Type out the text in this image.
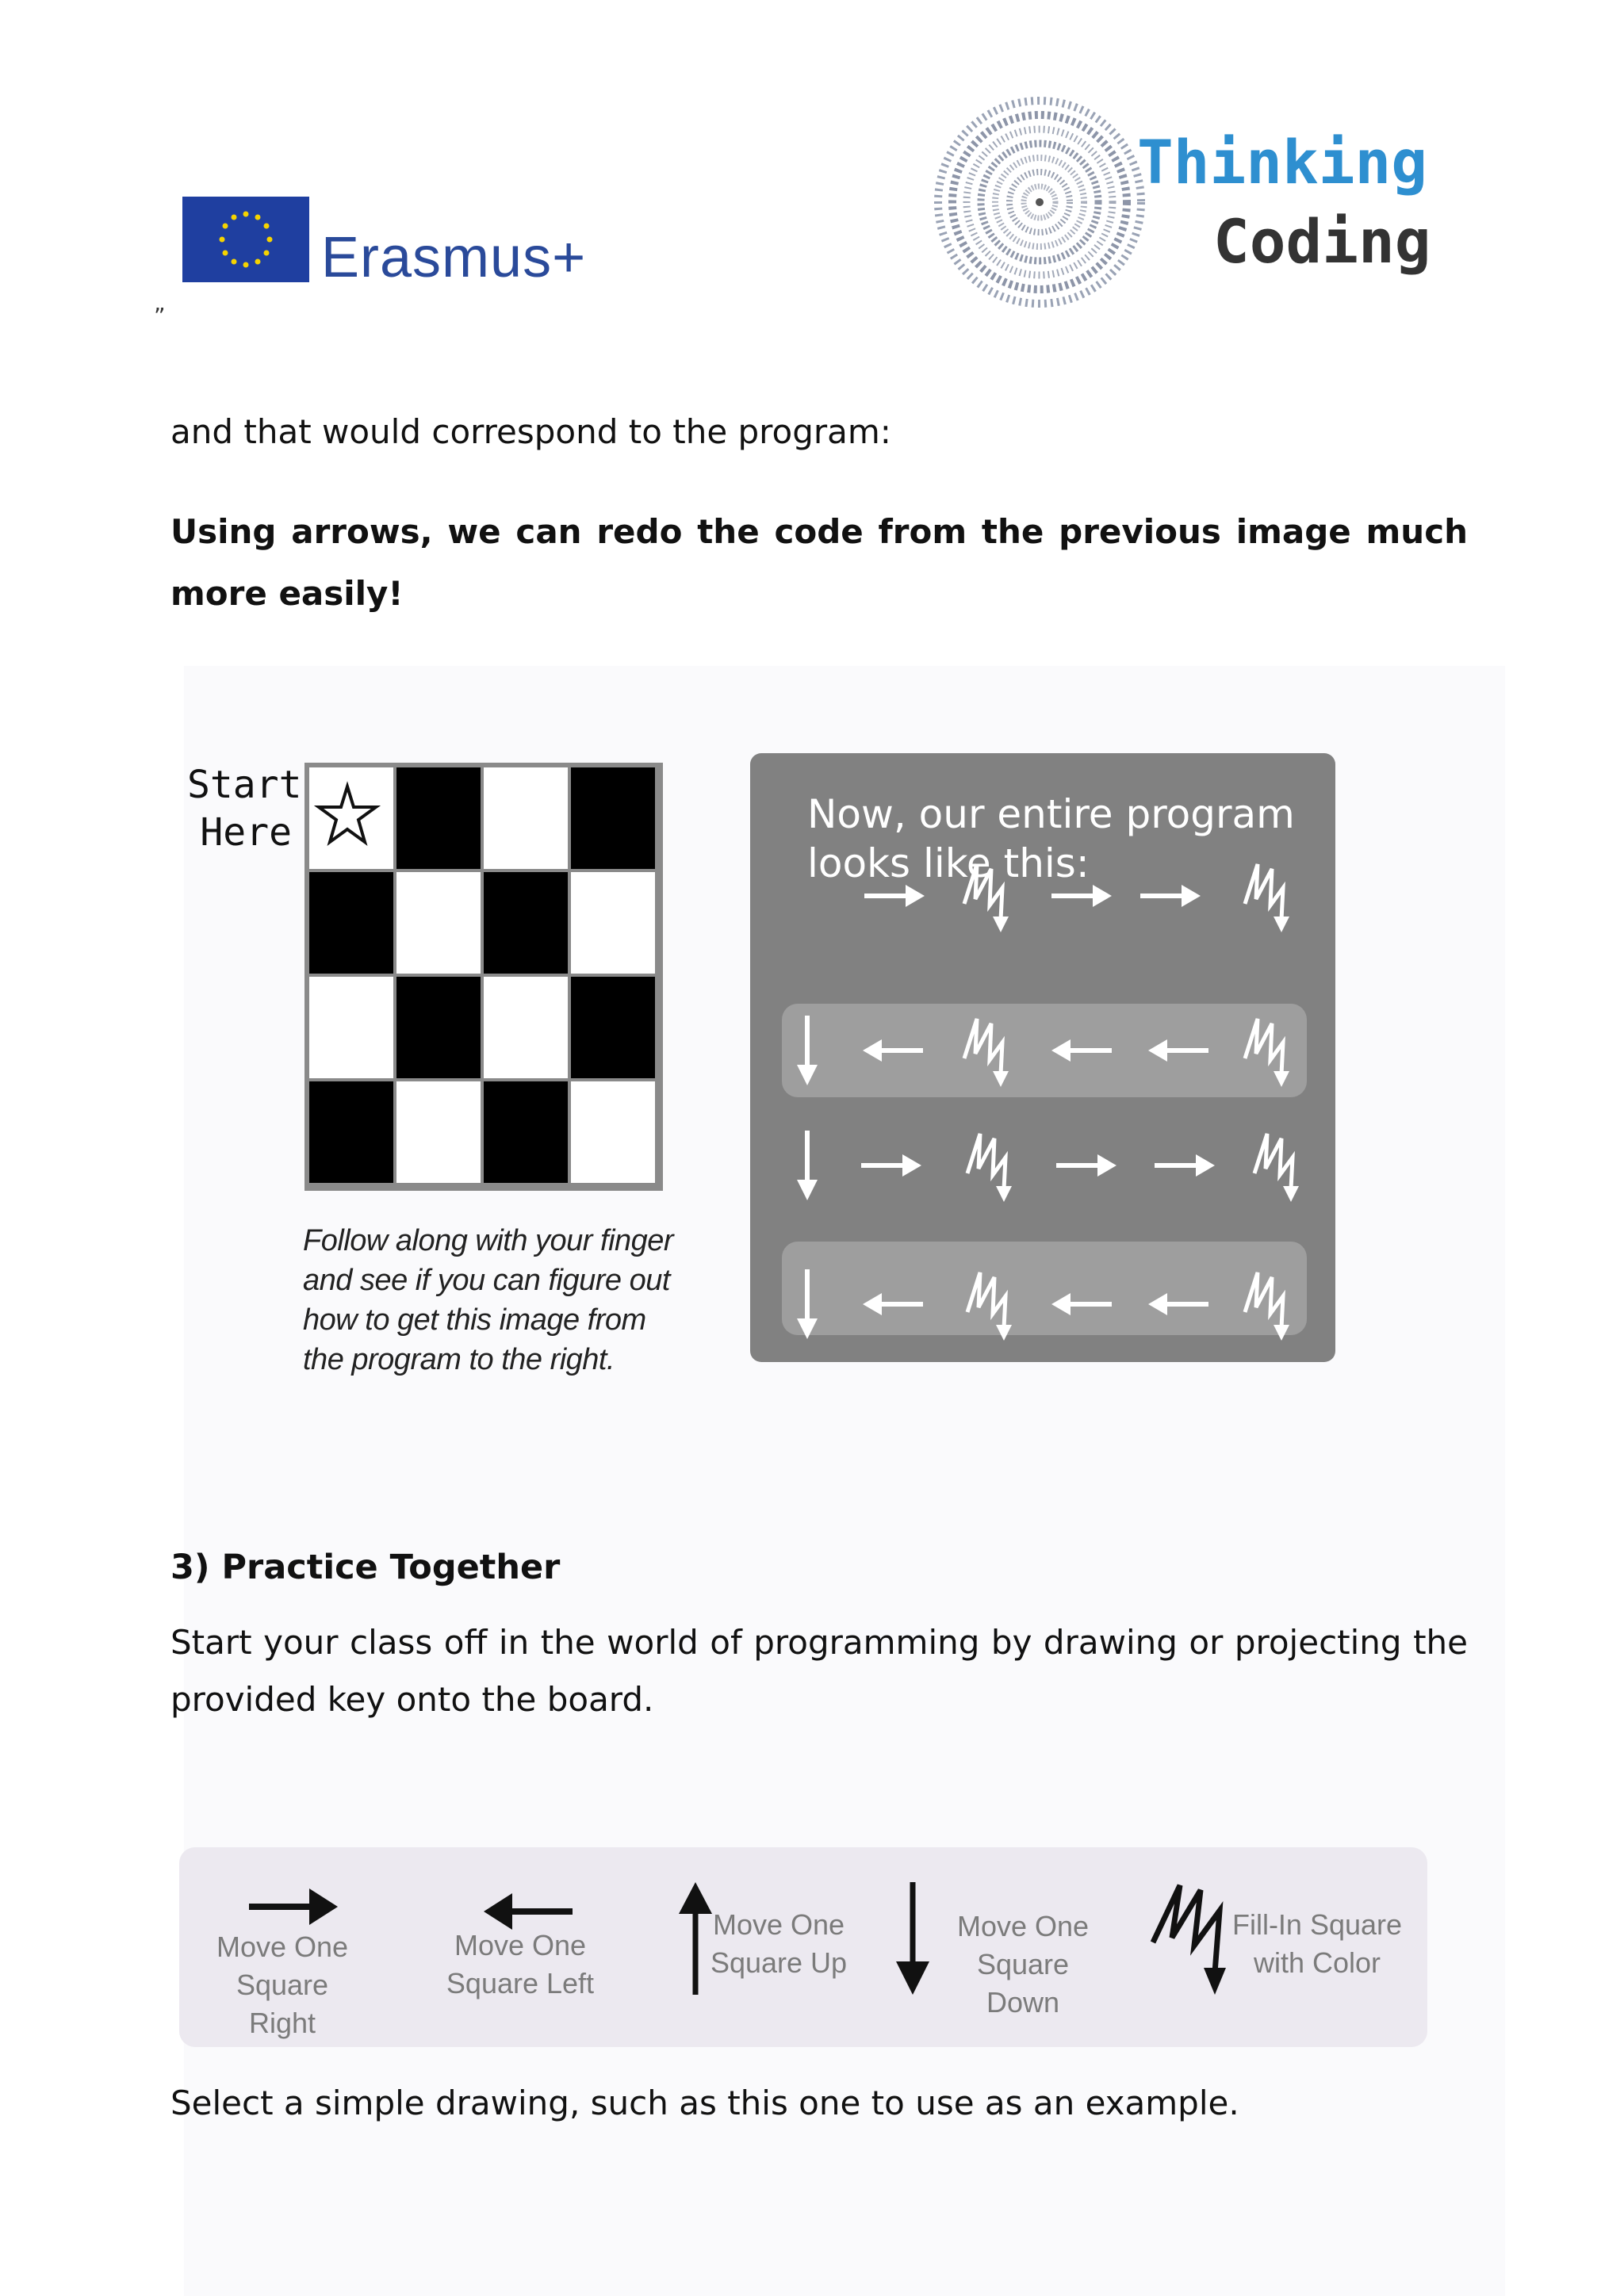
Erasmus+
Thinking
Coding
”
and that would correspond to the program:
Using arrows, we can redo the code from the previous image much more easily!
Start
Here
Follow along with your finger and see if you can figure out how to get this image from the program to the right.
Now, our entire program looks like this:
3) Practice Together
Start your class off in the world of programming by drawing or projecting the provided key onto the board.
Move One
Square Right
Move One
Square Left
Move One
Square Up
Move One
Square Down
Fill-In Square
with Color
Select a simple drawing, such as this one to use as an example.
